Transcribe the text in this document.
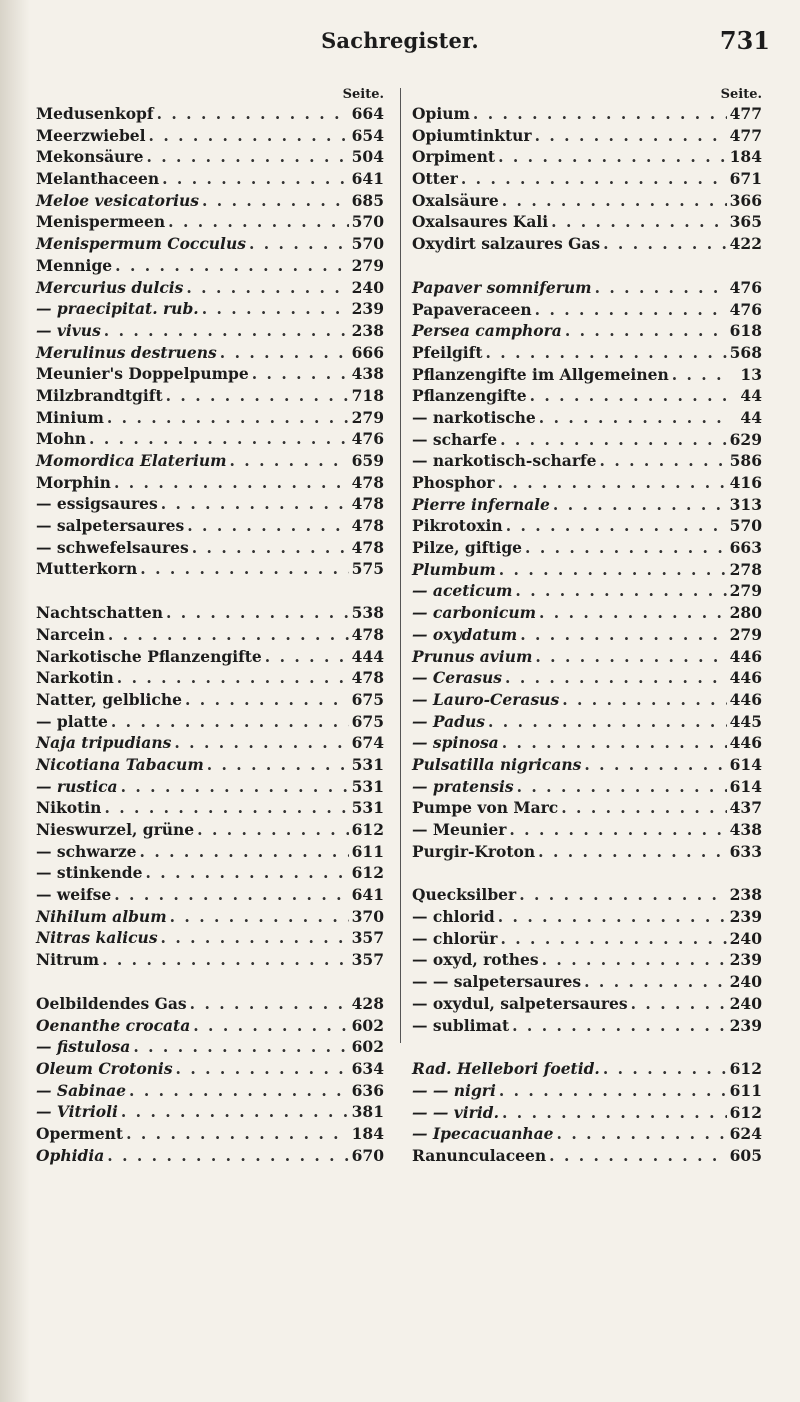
Sachregister.	731
Seite.
Medusenkopf . . .	664
Meerzwiebel . . .	654
Mekonsäure . . .	504
Melanthaceen . . .	641
Meloe vesicatorius . . .	685
Menispermeen . . .	570
Menispermum Cocculus . . .	570
Mennige . . .	279
Mercurius dulcis . . .	240
— praecipitat. rub. . . .	239
— vivus . . .	238
Merulinus destruens . . .	666
Meunier's Doppelpumpe . . .	438
Milzbrandtgift . . .	718
Minium . . .	279
Mohn . . .	476
Momordica Elaterium . . .	659
Morphin . . .	478
— essigsaures . . .	478
— salpetersaures . . .	478
— schwefelsaures . . .	478
Mutterkorn . . .	575
Nachtschatten . . .	538
Narcein . . .	478
Narkotische Pflanzengifte . . .	444
Narkotin . . .	478
Natter, gelbliche . . .	675
— platte . . .	675
Naja tripudians . . .	674
Nicotiana Tabacum . . .	531
— rustica . . .	531
Nikotin . . .	531
Nieswurzel, grüne . . .	612
— schwarze . . .	611
— stinkende . . .	612
— weifse . . .	641
Nihilum album . . .	370
Nitras kalicus . . .	357
Nitrum . . .	357
Oelbildendes Gas . . .	428
Oenanthe crocata . . .	602
— fistulosa . . .	602
Oleum Crotonis . . .	634
— Sabinae . . .	636
— Vitrioli . . .	381
Operment . . .	184
Ophidia . . .	670
Seite.
Opium . . .	477
Opiumtinktur . . .	477
Orpiment . . .	184
Otter . . .	671
Oxalsäure . . .	366
Oxalsaures Kali . . .	365
Oxydirt salzaures Gas . . .	422
Papaver somniferum . . .	476
Papaveraceen . . .	476
Persea camphora . . .	618
Pfeilgift . . .	568
Pflanzengifte im Allgemeinen . . .	13
Pflanzengifte . . .	44
— narkotische . . .	44
— scharfe . . .	629
— narkotisch-scharfe . . .	586
Phosphor . . .	416
Pierre infernale . . .	313
Pikrotoxin . . .	570
Pilze, giftige . . .	663
Plumbum . . .	278
— aceticum . . .	279
— carbonicum . . .	280
— oxydatum . . .	279
Prunus avium . . .	446
— Cerasus . . .	446
— Lauro-Cerasus . . .	446
— Padus . . .	445
— spinosa . . .	446
Pulsatilla nigricans . . .	614
— pratensis . . .	614
Pumpe von Marc . . .	437
— Meunier . . .	438
Purgir-Kroton . . .	633
Quecksilber . . .	238
— chlorid . . .	239
— chlorür . . .	240
— oxyd, rothes . . .	239
— — salpetersaures . . .	240
— oxydul, salpetersaures . . .	240
— sublimat . . .	239
Rad. Hellebori foetid. . . .	612
— — nigri . . .	611
— — virid. . . .	612
— Ipecacuanhae . . .	624
Ranunculaceen . . .	605
